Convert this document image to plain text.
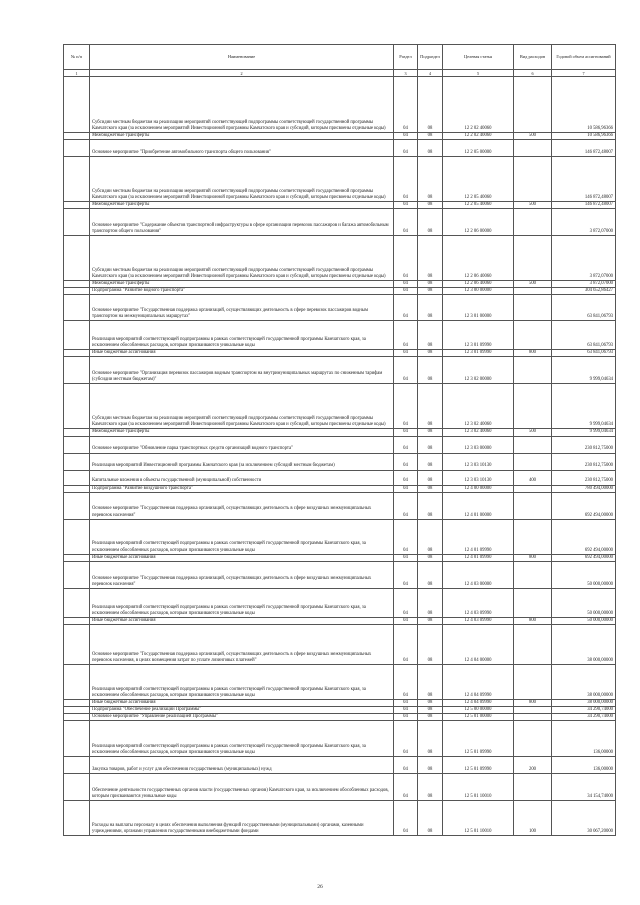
№ п/п	Наименование	Раздел	Подраздел	Целевая статья	Вид расходов	Годовой объем ассигнований
1	2	3	4	5	6	7
	Субсидии местным бюджетам на реализацию мероприятий соответствующей подпрограммы соответствующей государственной программы Камчатского края (за исключением мероприятий Инвестиционной программы Камчатского края и субсидий, которым присвоены отдельные коды)	04	08	12 2 02 40060		10 586,96366
	Межбюджетные трансферты	04	08	12 2 02 40060	500	10 586,96366
	Основное мероприятие "Приобретение автомобильного транспорта общего пользования"	04	08	12 2 05 00000		146 872,48007
	Субсидии местным бюджетам на реализацию мероприятий соответствующей подпрограммы соответствующей государственной программы Камчатского края (за исключением мероприятий Инвестиционной программы Камчатского края и субсидий, которым присвоены отдельные коды)	04	08	12 2 05 40060		146 872,48007
	Межбюджетные трансферты	04	08	12 2 05 40060	500	146 872,48007
	Основное мероприятие "Содержание объектов транспортной инфраструктуры в сфере организации перевозок пассажиров и багажа автомобильным транспортом общего пользования"	04	08	12 2 06 00000		3 872,07000
	Субсидии местным бюджетам на реализацию мероприятий соответствующей подпрограммы соответствующей государственной программы Камчатского края (за исключением мероприятий Инвестиционной программы Камчатского края и субсидий, которым присвоены отдельные коды)	04	08	12 2 06 40060		3 872,07000
	Межбюджетные трансферты	04	08	12 2 06 40060	500	3 872,07000
	Подпрограмма "Развитие водного транспорта"	04	08	12 3 00 00000		304 652,86427
	Основное мероприятие "Государственная поддержка организаций, осуществляющих деятельность в сфере перевозок пассажиров водным транспортом на межмуниципальных маршрутах"	04	08	12 3 01 00000		63 841,06793
	Реализация мероприятий соответствующей подпрограммы в рамках соответствующей государственной программы Камчатского края, за исключением обособленных расходов, которым присваиваются уникальные коды	04	08	12 3 01 09990		63 841,06793
	Иные бюджетные ассигнования	04	08	12 3 01 09990	800	63 841,06793
	Основное мероприятие "Организация перевозок пассажиров водным транспортом на внутримуниципальных маршрутах по сниженным тарифам (субсидии местным бюджетам)"	04	08	12 3 02 00000		9 999,04634
	Субсидии местным бюджетам на реализацию мероприятий соответствующей подпрограммы соответствующей государственной программы Камчатского края (за исключением мероприятий Инвестиционной программы Камчатского края и субсидий, которым присвоены отдельные коды)	04	08	12 3 02 40060		9 999,04634
	Межбюджетные трансферты	04	08	12 3 02 40060	500	9 999,04634
	Основное мероприятие "Обновление парка транспортных средств организаций водного транспорта"	04	08	12 3 03 00000		230 812,75000
	Реализация мероприятий Инвестиционной программы Камчатского края (за исключением субсидий местным бюджетам)	04	08	12 3 03 10130		230 812,75000
	Капитальные вложения в объекты государственной (муниципальной) собственности	04	08	12 3 03 10130	400	230 812,75000
	Подпрограмма "Развитие воздушного транспорта"	04	08	12 4 00 00000		780 494,00000
	Основное мероприятие "Государственная поддержка организаций, осуществляющих деятельность в сфере воздушных межмуниципальных перевозок населения"	04	08	12 4 01 00000		692 494,00000
	Реализация мероприятий соответствующей подпрограммы в рамках соответствующей государственной программы Камчатского края, за исключением обособленных расходов, которым присваиваются уникальные коды	04	08	12 4 01 09990		692 494,00000
	Иные бюджетные ассигнования	04	08	12 4 01 09990	800	692 494,00000
	Основное мероприятие "Государственная поддержка организаций, осуществляющих деятельность в сфере воздушных межмуниципальных перевозок населения"	04	08	12 4 03 00000		50 000,00000
	Реализация мероприятий соответствующей подпрограммы в рамках соответствующей государственной программы Камчатского края, за исключением обособленных расходов, которым присваиваются уникальные коды	04	08	12 4 03 09990		50 000,00000
	Иные бюджетные ассигнования	04	08	12 4 03 09990	800	50 000,00000
	Основное мероприятие "Государственная поддержка организаций, осуществляющих деятельность в сфере воздушных межмуниципальных перевозок населения, в целях возмещения затрат по уплате лизинговых платежей"	04	08	12 4 04 00000		38 000,00000
	Реализация мероприятий соответствующей подпрограммы в рамках соответствующей государственной программы Камчатского края, за исключением обособленных расходов, которым присваиваются уникальные коды	04	08	12 4 04 09990		38 000,00000
	Иные бюджетные ассигнования	04	08	12 4 04 09990	800	38 000,00000
	Подпрограмма "Обеспечение реализации Программы"	04	08	12 5 00 00000		34 290,74000
	Основное мероприятие "Управление реализацией Программы"	04	08	12 5 01 00000		34 290,74000
	Реализация мероприятий соответствующей подпрограммы в рамках соответствующей государственной программы Камчатского края, за исключением обособленных расходов, которым присваиваются уникальные коды	04	08	12 5 01 09990		136,00000
	Закупка товаров, работ и услуг для обеспечения государственных (муниципальных) нужд	04	08	12 5 01 09990	200	136,00000
	Обеспечение деятельности государственных органов власти (государственных органов) Камчатского края, за исключением обособленных расходов, которым присваиваются уникальные коды	04	08	12 5 01 10010		34 154,74000
	Расходы на выплаты персоналу в целях обеспечения выполнения функций государственными (муниципальными) органами, казенными учреждениями, органами управления государственными внебюджетными фондами	04	08	12 5 01 10010	100	30 067,20000
26
